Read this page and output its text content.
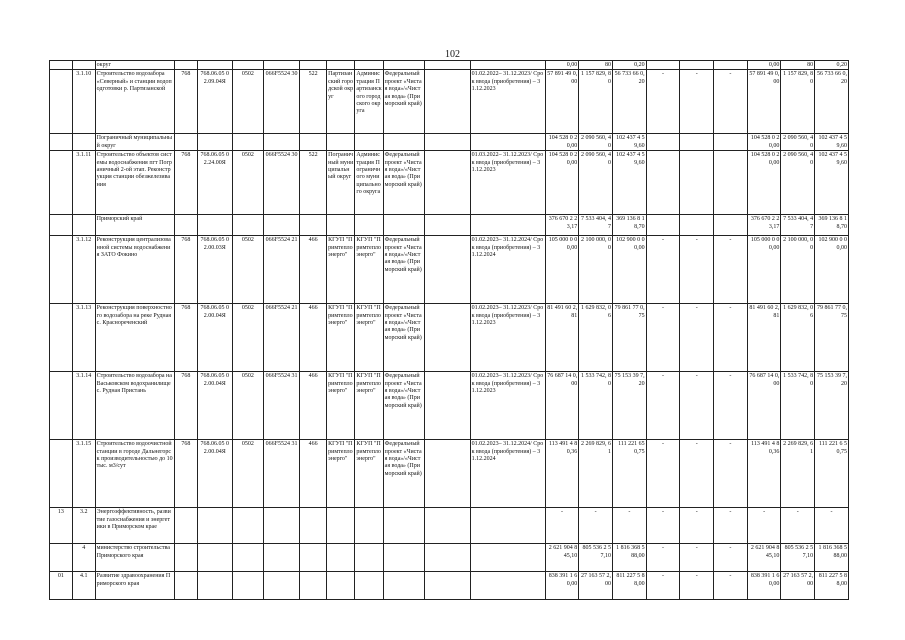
102
		округ											0,00	80	0,20				0,00	80	0,20
	3.1.10	Строительство водозабора «Северный» и станции водоподготовки р. Партизанской	768	768.06.05 02.09.04Я	0502	066F5524 30	522	Партизанский городской округ	Администрация Партизанского городского округа	Федеральный проект «Чистая вода»/«Чистая вода» (Приморский край)		01.02.2022– 31.12.2023/ Срок ввода (приобретения) – 31.12.2023	57 891 49 0,00	1 157 829, 80	56 733 66 0,20	-	-	-	57 891 49 0,00	1 157 829, 80	56 733 66 0,20
		Пограничный муниципальный округ											104 528 0 20,00	2 090 560, 40	102 437 4 59,60				104 528 0 20,00	2 090 560, 40	102 437 4 59,60
	3.1.11	Строительство объектов системы водоснабжения пгт Пограничный 2-ой этап. Реконструкция станции обезжелезивания	768	768.06.05 02.24.00Я	0502	066F5524 30	522	Пограничный муниципальный округ	Администрация Пограничного муниципального округа	Федеральный проект «Чистая вода»/«Чистая вода» (Приморский край)		01.03.2022– 31.12.2023/ Срок ввода (приобретения) – 31.12.2023	104 528 0 20,00	2 090 560, 40	102 437 4 59,60				104 528 0 20,00	2 090 560, 40	102 437 4 59,60
		Приморский край											376 670 2 23,17	7 533 404, 47	369 136 8 18,70				376 670 2 23,17	7 533 404, 47	369 136 8 18,70
	3.1.12	Реконструкция централизованной системы водоснабжения ЗАТО Фокино	768	768.06.05 02.00.03Я	0502	066F5524 21	466	КГУП "Примтеплоэнерго"	КГУП "Примтеплоэнерго"	Федеральный проект «Чистая вода»/«Чистая вода» (Приморский край)		01.02.2023– 31.12.2024/ Срок ввода (приобретения) – 31.12.2024	105 000 0 00,00	2 100 000, 00	102 900 0 00,00	-	-	-	105 000 0 00,00	2 100 000, 00	102 900 0 00,00
	3.1.13	Реконструкция поверхностного водозабора на реке Рудная с. Краснореченский	768	768.06.05 02.00.04Я	0502	066F5524 21	466	КГУП "Примтеплоэнерго"	КГУП "Примтеплоэнерго"	Федеральный проект «Чистая вода»/«Чистая вода» (Приморский край)		01.02.2023– 31.12.2023/ Срок ввода (приобретения) – 31.12.2023	81 491 60 2,81	1 629 832, 06	79 861 77 0,75	-	-	-	81 491 60 2,81	1 629 832, 06	79 861 77 0,75
	3.1.14	Строительство водозабора на Васьковском водохранилище с. Рудная Пристань	768	768.06.05 02.00.04Я	0502	066F5524 31	466	КГУП "Примтеплоэнерго"	КГУП "Примтеплоэнерго"	Федеральный проект «Чистая вода»/«Чистая вода» (Приморский край)		01.02.2023– 31.12.2023/ Срок ввода (приобретения) – 31.12.2023	76 687 14 0,00	1 533 742, 80	75 153 39 7,20	-	-	-	76 687 14 0,00	1 533 742, 80	75 153 39 7,20
	3.1.15	Строительство водоочистной станции в городе Дальнегорск производительностью до 10 тыс. м3/сут	768	768.06.05 02.00.04Я	0502	066F5524 31	466	КГУП "Примтеплоэнерго"	КГУП "Примтеплоэнерго"	Федеральный проект «Чистая вода»/«Чистая вода» (Приморский край)		01.02.2023– 31.12.2024/ Срок ввода (приобретения) – 31.12.2024	113 491 4 80,36	2 269 829, 61	111 221 65 0,75	-	-	-	113 491 4 80,36	2 269 829, 61	111 221 6 50,75
13	3.2	Энергоэффективность, развитие газоснабжения и энергетики в Приморском крае											-	-	-	-	-	-	-	-	-
	4	министерство строительства Приморского края											2 621 904 845,10	805 536 2 57,10	1 816 368 588,00	-	-	-	2 621 904 845,10	805 536 2 57,10	1 816 368 588,00
01	4.1	Развитие здравоохранения Приморского края											838 391 1 60,00	27 163 57 2,00	811 227 5 88,00	-	-	-	838 391 1 60,00	27 163 57 2,00	811 227 5 88,00
